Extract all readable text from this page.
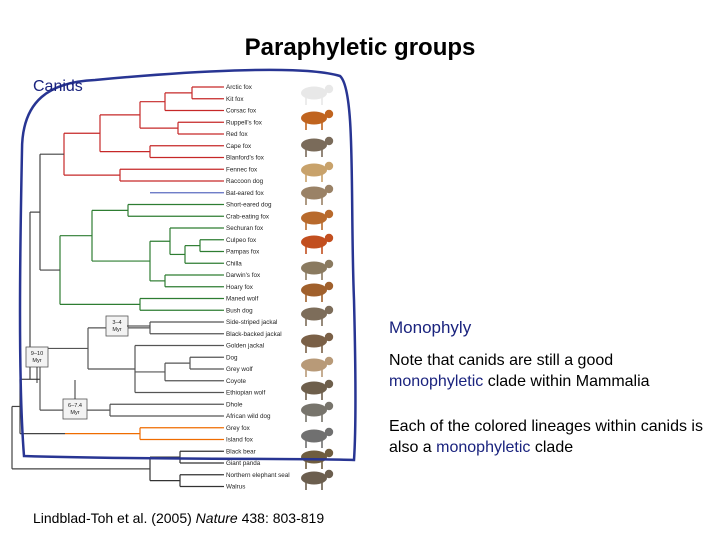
Paraphyletic groups
Arctic fox
Kit fox
Corsac fox
Ruppell's fox
Red fox
Cape fox
Blanford's fox
Fennec fox
Raccoon dog
Bat-eared fox
Short-eared dog
Crab-eating fox
Sechuran fox
Culpeo fox
Pampas fox
Chilla
Darwin's fox
Hoary fox
Maned wolf
Bush dog
Side-striped jackal
Black-backed jackal
Golden jackal
Dog
Grey wolf
Coyote
Ethiopian wolf
Dhole
African wild dog
Grey fox
Island fox
Black bear
Giant panda
Northern elephant seal
Walrus
3–4
Myr
9–10
Myr
6–7.4
Myr
Canids
Monophyly
Note that canids are still a good monophyletic clade within Mammalia
Each of the colored lineages within canids is also a monophyletic clade
Lindblad-Toh et al. (2005) Nature 438: 803-819
